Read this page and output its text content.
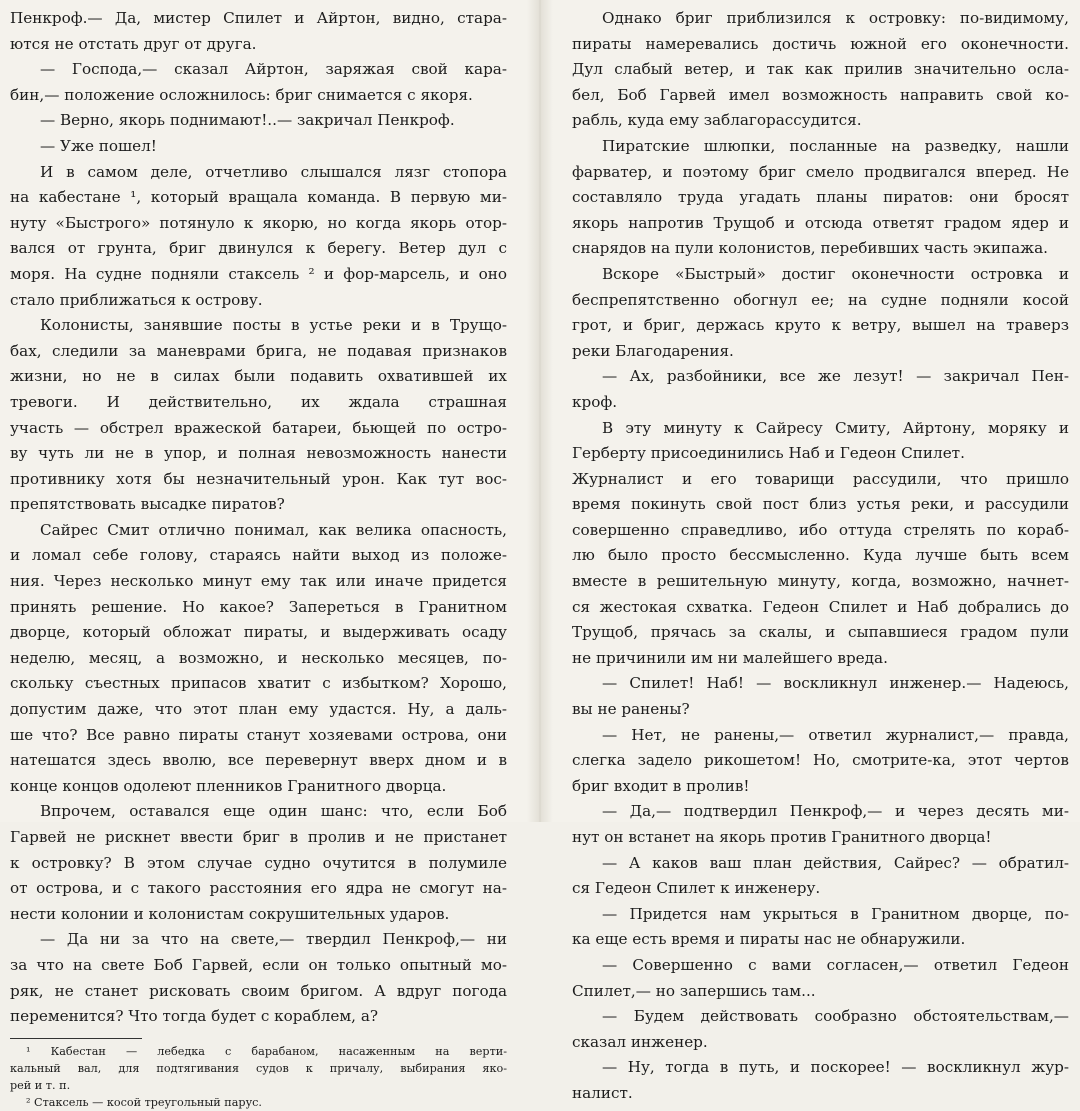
Пенкроф.— Да, мистер Спилет и Айртон, видно, стара-

ются не отстать друг от друга.

— Господа,— сказал Айртон, заряжая свой кара-

бин,— положение осложнилось: бриг снимается с якоря.

— Верно, якорь поднимают!..— закричал Пенкроф.

— Уже пошел!

И в самом деле, отчетливо слышался лязг стопора

на кабестане ¹, который вращала команда. В первую ми-

нуту «Быстрого» потянуло к якорю, но когда якорь отор-

вался от грунта, бриг двинулся к берегу. Ветер дул с

моря. На судне подняли стаксель ² и фор-марсель, и оно

стало приближаться к острову.

Колонисты, занявшие посты в устье реки и в Трущо-

бах, следили за маневрами брига, не подавая признаков

жизни, но не в силах были подавить охватившей их

тревоги. И действительно, их ждала страшная

участь — обстрел вражеской батареи, бьющей по остро-

ву чуть ли не в упор, и полная невозможность нанести

противнику хотя бы незначительный урон. Как тут вос-

препятствовать высадке пиратов?

Сайрес Смит отлично понимал, как велика опасность,

и ломал себе голову, стараясь найти выход из положе-

ния. Через несколько минут ему так или иначе придется

принять решение. Но какое? Запереться в Гранитном

дворце, который обложат пираты, и выдерживать осаду

неделю, месяц, а возможно, и несколько месяцев, по-

скольку съестных припасов хватит с избытком? Хорошо,

допустим даже, что этот план ему удастся. Ну, а даль-

ше что? Все равно пираты станут хозяевами острова, они

натешатся здесь вволю, все перевернут вверх дном и в

конце концов одолеют пленников Гранитного дворца.

Впрочем, оставался еще один шанс: что, если Боб

Гарвей не рискнет ввести бриг в пролив и не пристанет

к островку? В этом случае судно очутится в полумиле

от острова, и с такого расстояния его ядра не смогут на-

нести колонии и колонистам сокрушительных ударов.

— Да ни за что на свете,— твердил Пенкроф,— ни

за что на свете Боб Гарвей, если он только опытный мо-

ряк, не станет рисковать своим бригом. А вдруг погода

переменится? Что тогда будет с кораблем, а?

¹ Кабестан — лебедка с барабаном, насаженным на верти-

кальный вал, для подтягивания судов к причалу, выбирания яко-

рей и т. п.

² Стаксель — косой треугольный парус.

Однако бриг приблизился к островку: по-видимому,

пираты намеревались достичь южной его оконечности.

Дул слабый ветер, и так как прилив значительно осла-

бел, Боб Гарвей имел возможность направить свой ко-

рабль, куда ему заблагорассудится.

Пиратские шлюпки, посланные на разведку, нашли

фарватер, и поэтому бриг смело продвигался вперед. Не

составляло труда угадать планы пиратов: они бросят

якорь напротив Трущоб и отсюда ответят градом ядер и

снарядов на пули колонистов, перебивших часть экипажа.

Вскоре «Быстрый» достиг оконечности островка и

беспрепятственно обогнул ее; на судне подняли косой

грот, и бриг, держась круто к ветру, вышел на траверз

реки Благодарения.

— Ах, разбойники, все же лезут! — закричал Пен-

кроф.

В эту минуту к Сайресу Смиту, Айртону, моряку и

Герберту присоединились Наб и Гедеон Спилет.

Журналист и его товарищи рассудили, что пришло

время покинуть свой пост близ устья реки, и рассудили

совершенно справедливо, ибо оттуда стрелять по кораб-

лю было просто бессмысленно. Куда лучше быть всем

вместе в решительную минуту, когда, возможно, начнет-

ся жестокая схватка. Гедеон Спилет и Наб добрались до

Трущоб, прячась за скалы, и сыпавшиеся градом пули

не причинили им ни малейшего вреда.

— Спилет! Наб! — воскликнул инженер.— Надеюсь,

вы не ранены?

— Нет, не ранены,— ответил журналист,— правда,

слегка задело рикошетом! Но, смотрите-ка, этот чертов

бриг входит в пролив!

— Да,— подтвердил Пенкроф,— и через десять ми-

нут он встанет на якорь против Гранитного дворца!

— А каков ваш план действия, Сайрес? — обратил-

ся Гедеон Спилет к инженеру.

— Придется нам укрыться в Гранитном дворце, по-

ка еще есть время и пираты нас не обнаружили.

— Совершенно с вами согласен,— ответил Гедеон

Спилет,— но запершись там...

— Будем действовать сообразно обстоятельствам,—

сказал инженер.

— Ну, тогда в путь, и поскорее! — воскликнул жур-

налист.
